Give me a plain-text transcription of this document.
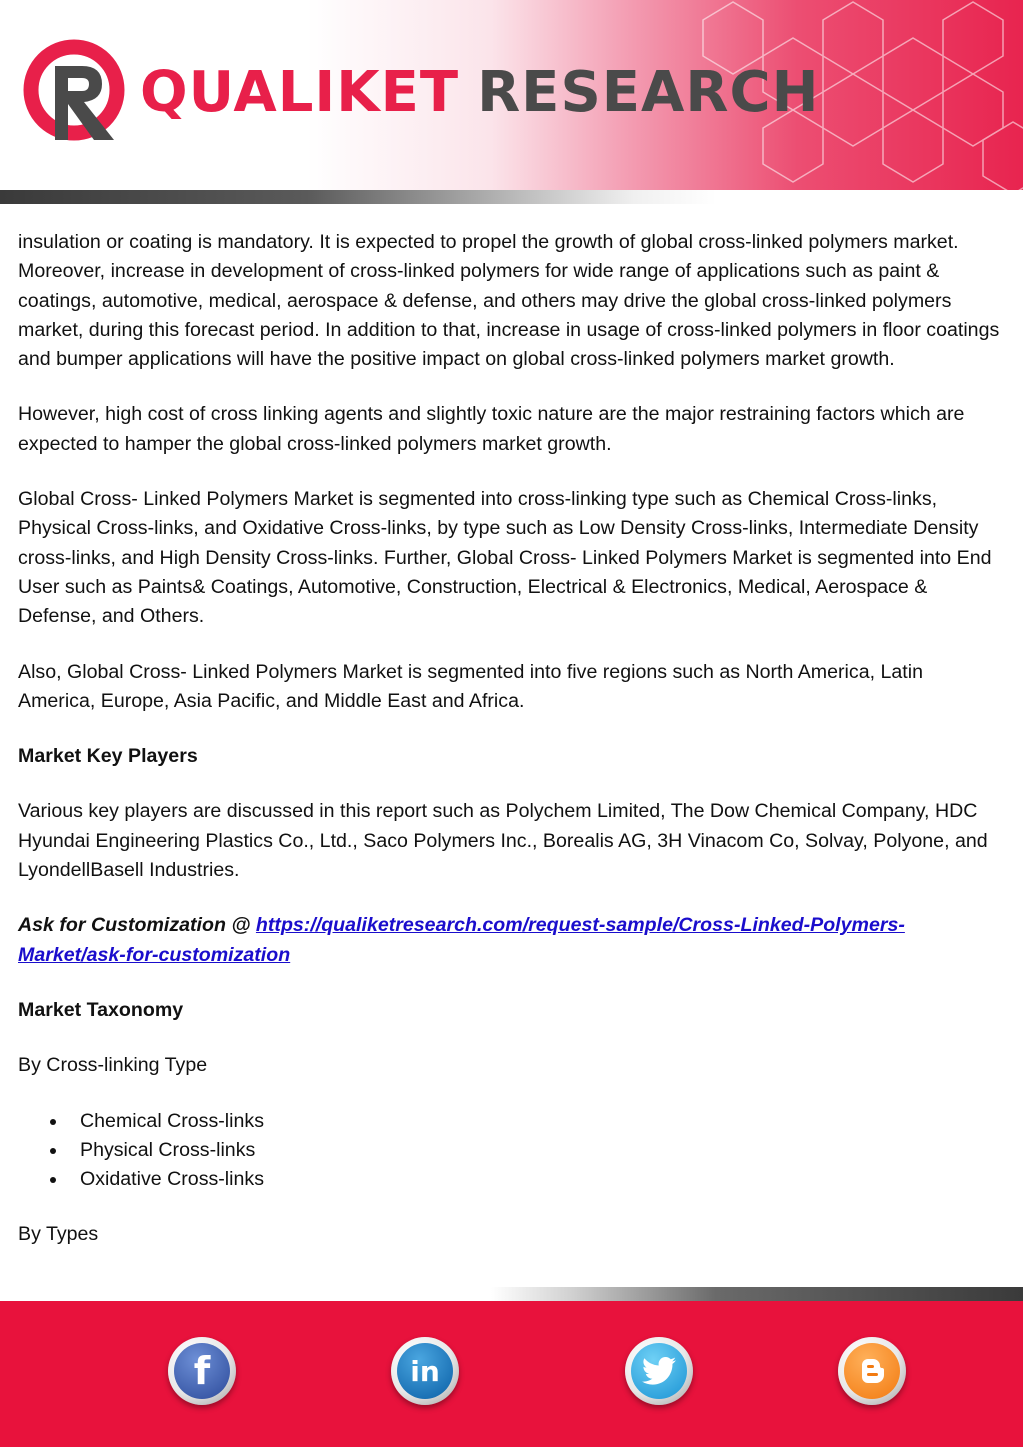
QUALIKET RESEARCH

insulation or coating is mandatory. It is expected to propel the growth of global cross-linked polymers market. Moreover, increase in development of cross-linked polymers for wide range of applications such as paint & coatings, automotive, medical, aerospace & defense, and others may drive the global cross-linked polymers market, during this forecast period. In addition to that, increase in usage of cross-linked polymers in floor coatings and bumper applications will have the positive impact on global cross-linked polymers market growth.

However, high cost of cross linking agents and slightly toxic nature are the major restraining factors which are expected to hamper the global cross-linked polymers market growth.

Global Cross- Linked Polymers Market is segmented into cross-linking type such as Chemical Cross-links, Physical Cross-links, and Oxidative Cross-links, by type such as Low Density Cross-links, Intermediate Density cross-links, and High Density Cross-links. Further, Global Cross- Linked Polymers Market is segmented into End User such as Paints& Coatings, Automotive, Construction, Electrical & Electronics, Medical, Aerospace & Defense, and Others.

Also, Global Cross- Linked Polymers Market is segmented into five regions such as North America, Latin America, Europe, Asia Pacific, and Middle East and Africa.

Market Key Players

Various key players are discussed in this report such as Polychem Limited, The Dow Chemical Company, HDC Hyundai Engineering Plastics Co., Ltd., Saco Polymers Inc., Borealis AG, 3H Vinacom Co, Solvay, Polyone, and LyondellBasell Industries.

Ask for Customization @ https://qualiketresearch.com/request-sample/Cross-Linked-Polymers-Market/ask-for-customization

Market Taxonomy

By Cross-linking Type

Chemical Cross-links
Physical Cross-links
Oxidative Cross-links

By Types

f	in
